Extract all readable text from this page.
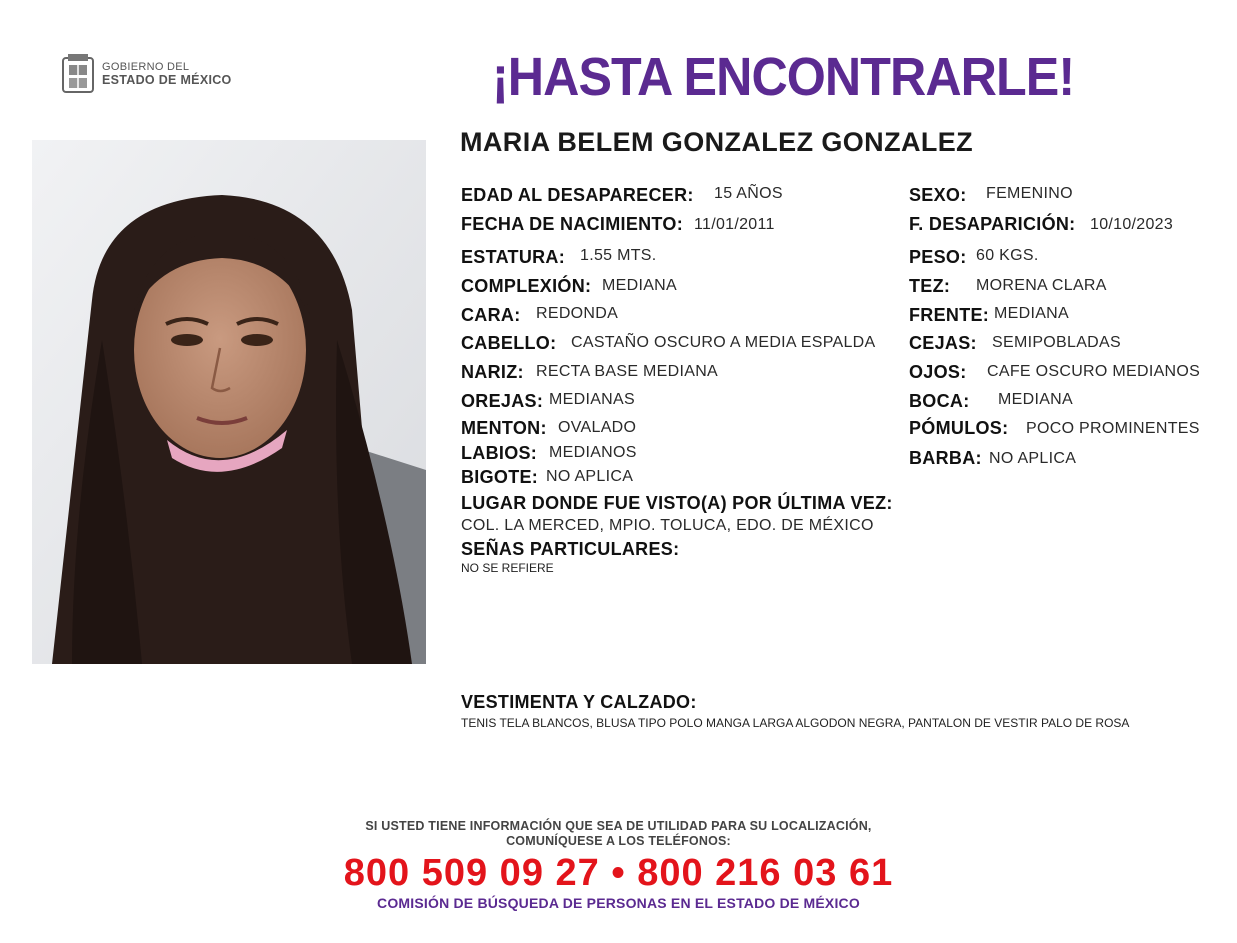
GOBIERNO DEL
ESTADO DE MÉXICO	¡HASTA ENCONTRARLE!
MARIA BELEM GONZALEZ GONZALEZ
EDAD AL DESAPARECER: 15 AÑOS
FECHA DE NACIMIENTO: 11/01/2011
ESTATURA: 1.55 MTS.
COMPLEXIÓN: MEDIANA
CARA: REDONDA
CABELLO: CASTAÑO OSCURO A MEDIA ESPALDA
NARIZ: RECTA BASE MEDIANA
OREJAS: MEDIANAS
MENTON: OVALADO
LABIOS: MEDIANOS
BIGOTE: NO APLICA
SEXO: FEMENINO
F. DESAPARICIÓN: 10/10/2023
PESO: 60 KGS.
TEZ: MORENA CLARA
FRENTE: MEDIANA
CEJAS: SEMIPOBLADAS
OJOS: CAFE OSCURO MEDIANOS
BOCA: MEDIANA
PÓMULOS: POCO PROMINENTES
BARBA: NO APLICA
LUGAR DONDE FUE VISTO(A) POR ÚLTIMA VEZ:
COL. LA MERCED, MPIO. TOLUCA, EDO. DE MÉXICO
SEÑAS PARTICULARES:
NO SE REFIERE
VESTIMENTA Y CALZADO:
TENIS TELA BLANCOS, BLUSA TIPO POLO MANGA LARGA ALGODON NEGRA, PANTALON DE VESTIR PALO DE ROSA
SI USTED TIENE INFORMACIÓN QUE SEA DE UTILIDAD PARA SU LOCALIZACIÓN,
COMUNÍQUESE A LOS TELÉFONOS:
800 509 09 27 • 800 216 03 61
COMISIÓN DE BÚSQUEDA DE PERSONAS EN EL ESTADO DE MÉXICO
